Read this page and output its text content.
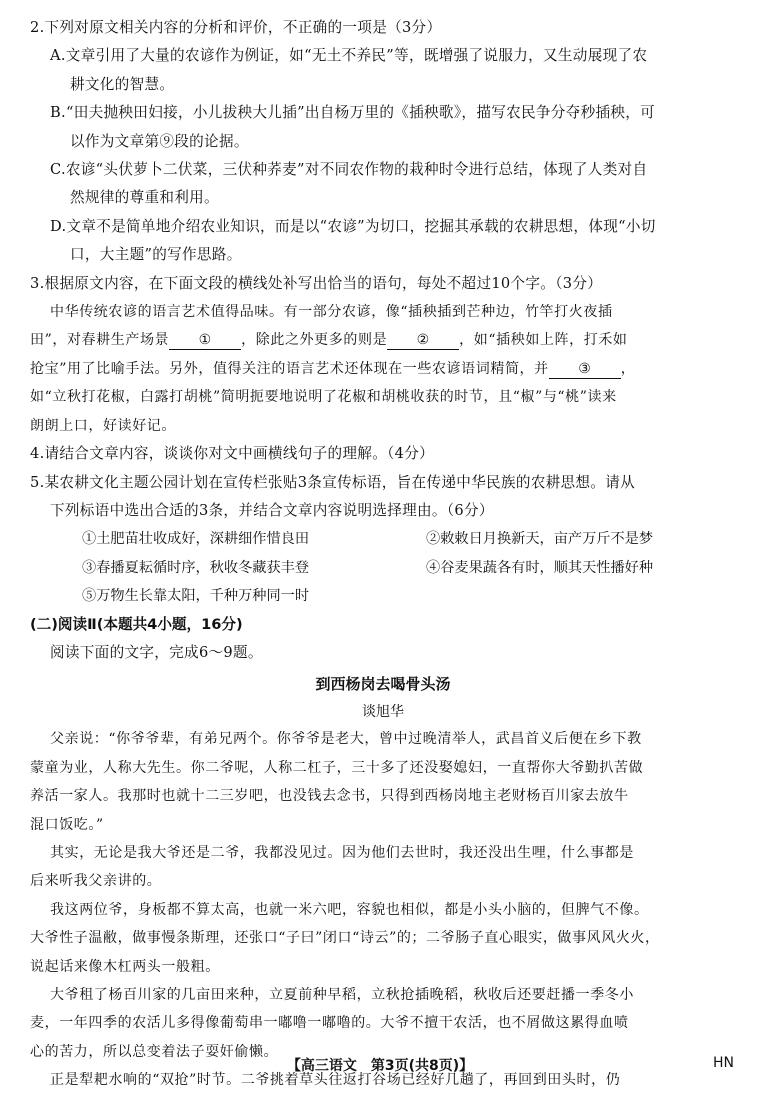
2.下列对原文相关内容的分析和评价，不正确的一项是（3分）
A.文章引用了大量的农谚作为例证，如“无土不养民”等，既增强了说服力，又生动展现了农
耕文化的智慧。
B.“田夫抛秧田妇接，小儿拔秧大儿插”出自杨万里的《插秧歌》，描写农民争分夺秒插秧，可
以作为文章第⑨段的论据。
C.农谚“头伏萝卜二伏菜，三伏种荞麦”对不同农作物的栽种时令进行总结，体现了人类对自
然规律的尊重和利用。
D.文章不是简单地介绍农业知识，而是以“农谚”为切口，挖掘其承载的农耕思想，体现“小切
口，大主题”的写作思路。
3.根据原文内容，在下面文段的横线处补写出恰当的语句，每处不超过10个字。（3分）
中华传统农谚的语言艺术值得品味。有一部分农谚，像“插秧插到芒种边，竹竿打火夜插
田”，对春耕生产场景 ① ，除此之外更多的则是 ② ，如“插秧如上阵，打禾如
抢宝”用了比喻手法。另外，值得关注的语言艺术还体现在一些农谚语词精简，并 ③ ，
如“立秋打花椒，白露打胡桃”简明扼要地说明了花椒和胡桃收获的时节，且“椒”与“桃”读来
朗朗上口，好读好记。
4.请结合文章内容，谈谈你对文中画横线句子的理解。（4分）
5.某农耕文化主题公园计划在宣传栏张贴3条宣传标语，旨在传递中华民族的农耕思想。请从
下列标语中选出合适的3条，并结合文章内容说明选择理由。（6分）
①土肥苗壮收成好，深耕细作惜良田	②敕敕日月换新天，亩产万斤不是梦
③春播夏耘循时序，秋收冬藏获丰登	④谷麦果蔬各有时，顺其天性播好种
⑤万物生长靠太阳，千种万种同一时
(二)阅读Ⅱ(本题共4小题，16分)
阅读下面的文字，完成6～9题。
到西杨岗去喝骨头汤
谈旭华
父亲说：“你爷爷辈，有弟兄两个。你爷爷是老大，曾中过晚清举人，武昌首义后便在乡下教
蒙童为业，人称大先生。你二爷呢，人称二杠子，三十多了还没娶媳妇，一直帮你大爷勤扒苦做
养活一家人。我那时也就十二三岁吧，也没钱去念书，只得到西杨岗地主老财杨百川家去放牛
混口饭吃。”
其实，无论是我大爷还是二爷，我都没见过。因为他们去世时，我还没出生哩，什么事都是
后来听我父亲讲的。
我这两位爷，身板都不算太高，也就一米六吧，容貌也相似，都是小头小脑的，但脾气不像。
大爷性子温敝，做事慢条斯理，还张口“子曰”闭口“诗云”的；二爷肠子直心眼实，做事风风火火，
说起话来像木杠两头一般粗。
大爷租了杨百川家的几亩田来种，立夏前种早稻，立秋抢插晚稻，秋收后还要赶播一季冬小
麦，一年四季的农活儿多得像葡萄串一嘟噜一嘟噜的。大爷不擅干农活，也不屑做这累得血喷
心的苦力，所以总变着法子耍奸偷懒。
正是犁耙水响的“双抢”时节。二爷挑着草头往返打谷场已经好几趟了，再回到田头时，仍
【高三语文　第3页(共8页)】	HN
